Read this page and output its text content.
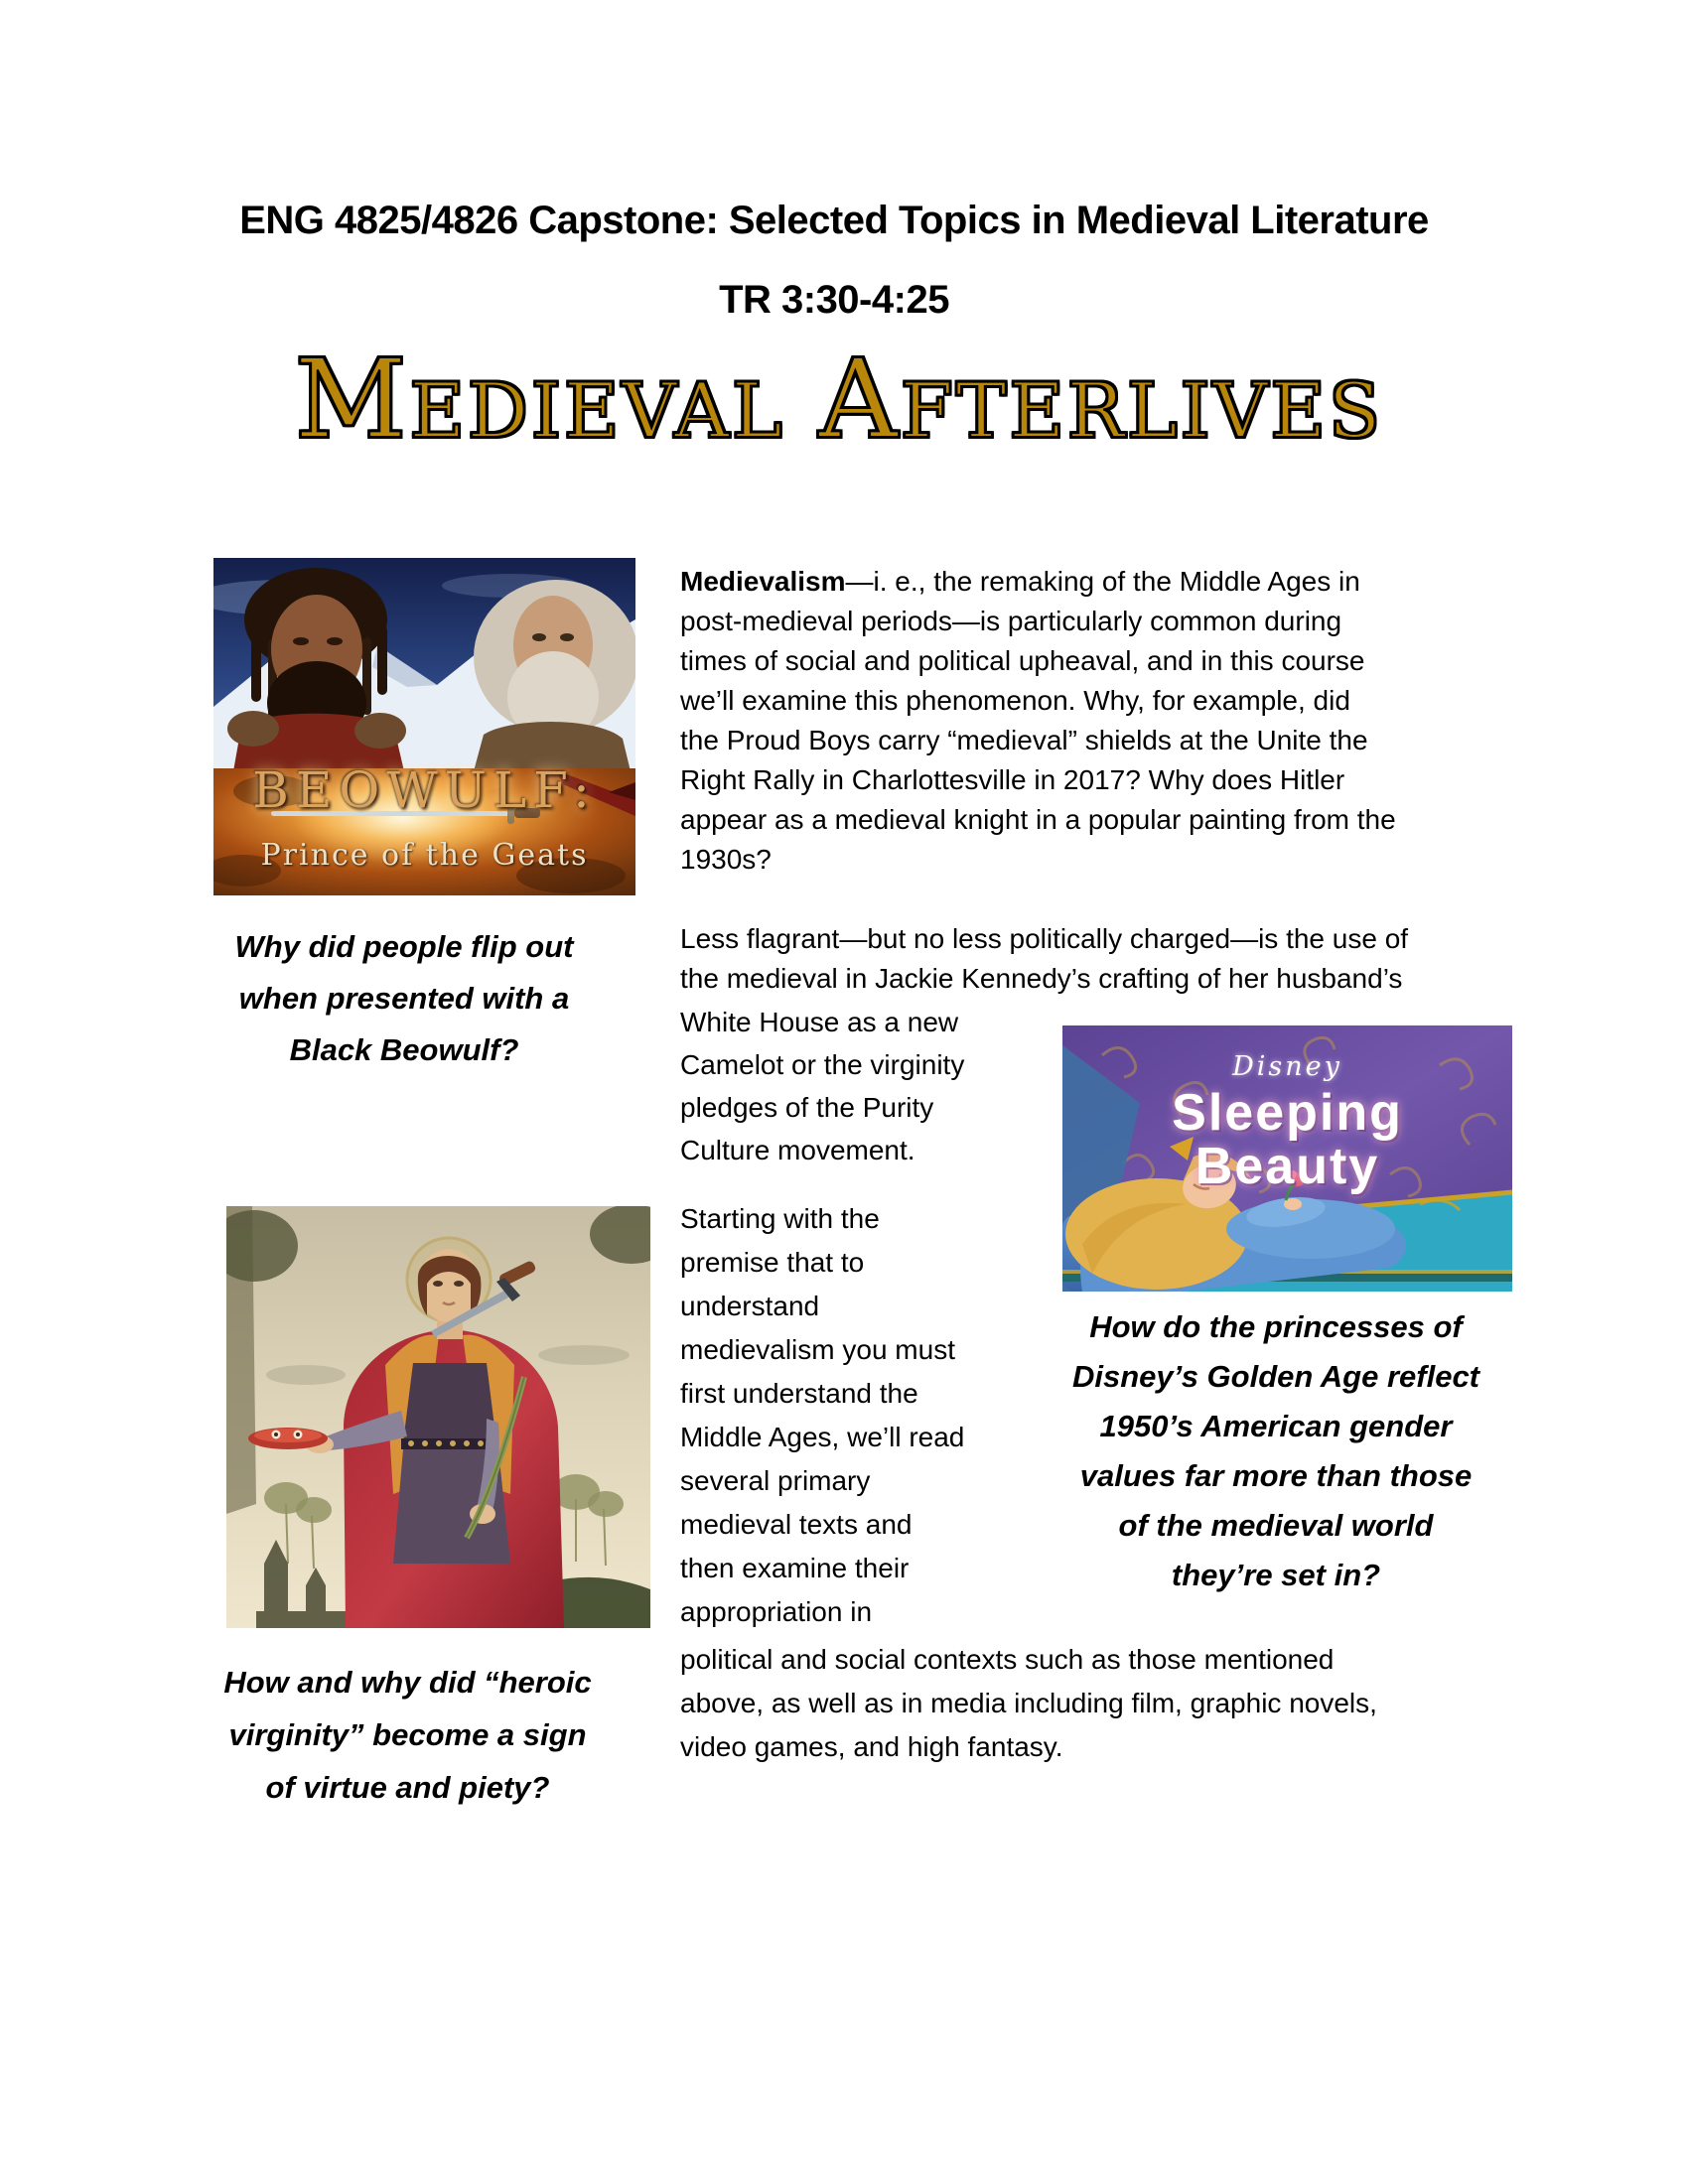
ENG 4825/4826 Capstone: Selected Topics in Medieval Literature
TR 3:30-4:25
MEDIEVAL AFTERLIVES
BEOWULF:
Prince of the Geats
Why did people flip out
when presented with a
Black Beowulf?
Medievalism—i. e., the remaking of the Middle Ages in
post-medieval periods—is particularly common during
times of social and political upheaval, and in this course
we’ll examine this phenomenon. Why, for example, did
the Proud Boys carry “medieval” shields at the Unite the
Right Rally in Charlottesville in 2017? Why does Hitler
appear as a medieval knight in a popular painting from the
1930s?
Less flagrant—but no less politically charged—is the use of
the medieval in Jackie Kennedy’s crafting of her husband’s
White House as a new
Camelot or the virginity
pledges of the Purity
Culture movement.
Starting with the
premise that to
understand
medievalism you must
first understand the
Middle Ages, we’ll read
several primary
medieval texts and
then examine their
appropriation in
political and social contexts such as those mentioned
above, as well as in media including film, graphic novels,
video games, and high fantasy.
Disney
Sleeping
Beauty
How do the princesses of
Disney’s Golden Age reflect
1950’s American gender
values far more than those
of the medieval world
they’re set in?
How and why did “heroic
virginity” become a sign
of virtue and piety?
